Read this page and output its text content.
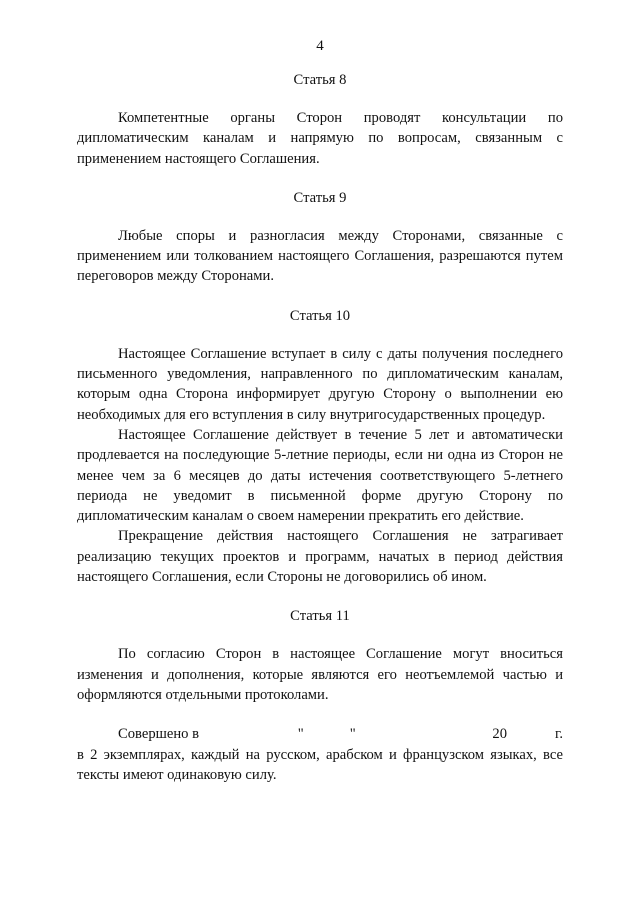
4

Статья 8

Компетентные органы Сторон проводят консультации по дипломатическим каналам и напрямую по вопросам, связанным с применением настоящего Соглашения.

Статья 9

Любые споры и разногласия между Сторонами, связанные с применением или толкованием настоящего Соглашения, разрешаются путем переговоров между Сторонами.

Статья 10

Настоящее Соглашение вступает в силу с даты получения последнего письменного уведомления, направленного по дипломатическим каналам, которым одна Сторона информирует другую Сторону о выполнении ею необходимых для его вступления в силу внутригосударственных процедур.

Настоящее Соглашение действует в течение 5 лет и автоматически продлевается на последующие 5-летние периоды, если ни одна из Сторон не менее чем за 6 месяцев до даты истечения соответствующего 5-летнего периода не уведомит в письменной форме другую Сторону по дипломатическим каналам о своем намерении прекратить его действие.

Прекращение действия настоящего Соглашения не затрагивает реализацию текущих проектов и программ, начатых в период действия настоящего Соглашения, если Стороны не договорились об ином.

Статья 11

По согласию Сторон в настоящее Соглашение могут вноситься изменения и дополнения, которые являются его неотъемлемой частью и оформляются отдельными протоколами.

Совершено в	"	"	20	г.

в 2 экземплярах, каждый на русском, арабском и французском языках, все тексты имеют одинаковую силу.
